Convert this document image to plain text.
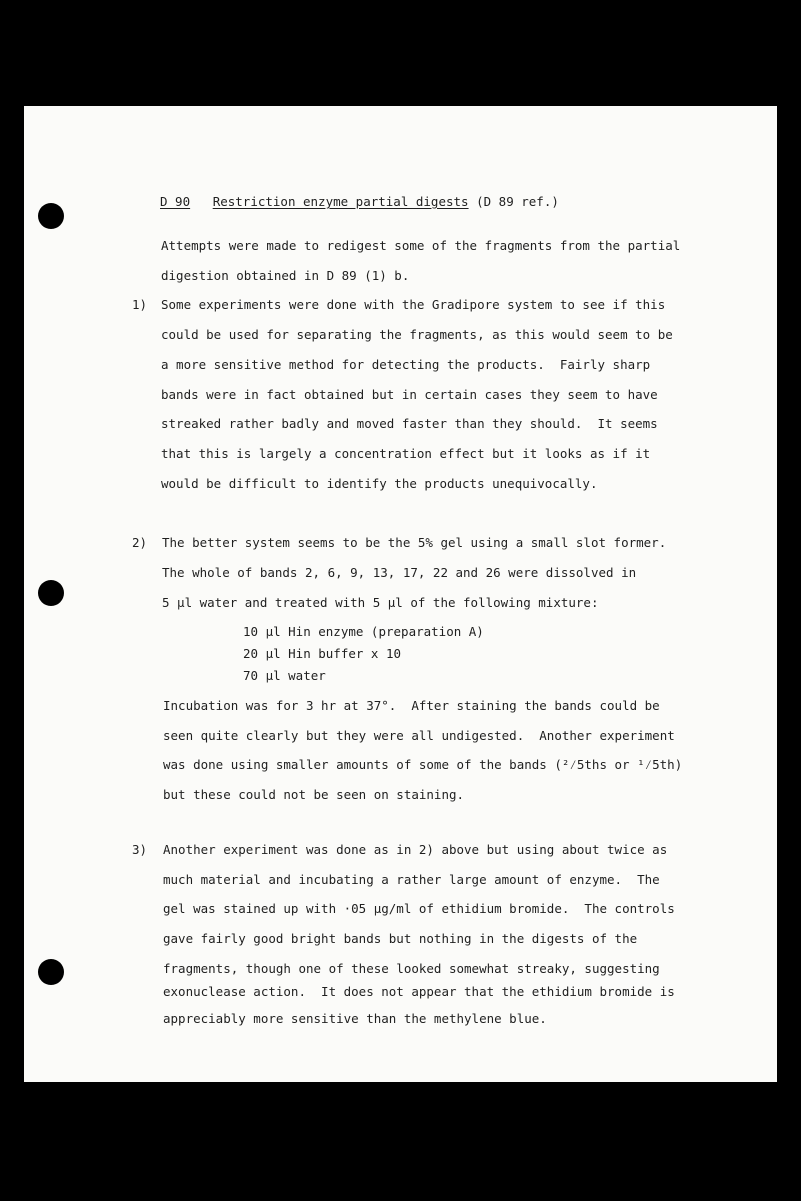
D 90 Restriction enzyme partial digests (D 89 ref.)
Attempts were made to redigest some of the fragments from the partial
digestion obtained in D 89 (1) b.
1) Some experiments were done with the Gradipore system to see if this
could be used for separating the fragments, as this would seem to be
a more sensitive method for detecting the products.  Fairly sharp
bands were in fact obtained but in certain cases they seem to have
streaked rather badly and moved faster than they should.  It seems
that this is largely a concentration effect but it looks as if it
would be difficult to identify the products unequivocally.
2) The better system seems to be the 5% gel using a small slot former.
The whole of bands 2, 6, 9, 13, 17, 22 and 26 were dissolved in
5 µl water and treated with 5 µl of the following mixture:
10 µl Hin enzyme (preparation A)
20 µl Hin buffer x 10
70 µl water
Incubation was for 3 hr at 37°.  After staining the bands could be
seen quite clearly but they were all undigested.  Another experiment
was done using smaller amounts of some of the bands (²⁄5ths or ¹⁄5th)
but these could not be seen on staining.
3) Another experiment was done as in 2) above but using about twice as
much material and incubating a rather large amount of enzyme.  The
gel was stained up with ·05 µg/ml of ethidium bromide.  The controls
gave fairly good bright bands but nothing in the digests of the
fragments, though one of these looked somewhat streaky, suggesting
exonuclease action.  It does not appear that the ethidium bromide is
appreciably more sensitive than the methylene blue.
